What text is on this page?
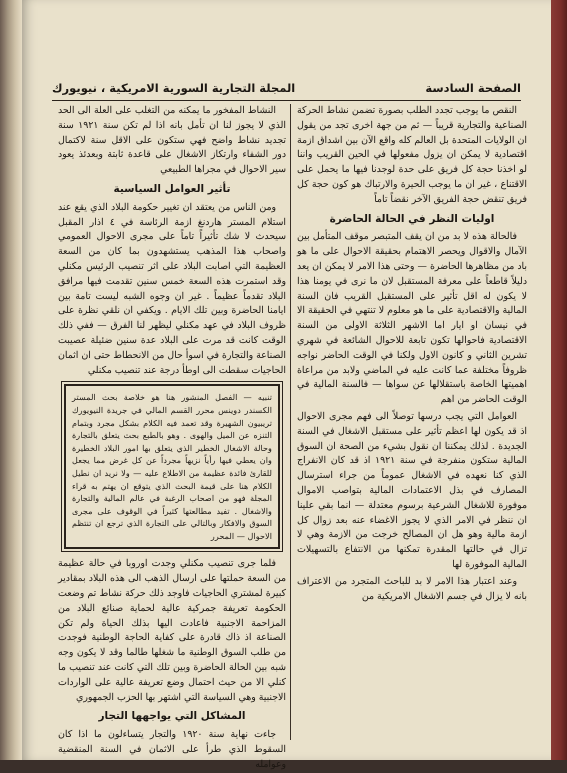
الصفحة السادسة
المجلة التجارية السورية الامريكية ، نيويورك

النقص ما يوجب تجدد الطلب بصورة تضمن نشاط الحركة الصناعية والتجارية قريباً — ثم من جهة اخرى تجد من يقول ان الولايات المتحدة بل العالم كله واقع الآن بين اشداق ازمة اقتصادية لا يمكن ان يزول مفعولها في الحين القريب واننا لو اخذنا حجة كل فريق على حدة لوجدنا فيها ما يحمل على الاقتناع ، غير ان ما يوجب الحيرة والارتباك هو كون حجة كل فريق تنقض حجة الفريق الآخر نقضاً تاماً

اوليات النظر في الحالة الحاضرة

فالحالة هذه لا بد من ان يقف المتبصر موقف المتأمل بين الآمال والاقوال ويحصر الاهتمام بحقيقة الاحوال على ما هو باد من مظاهرها الحاضرة — وحتى هذا الامر لا يمكن ان يعد دليلاً قاطعاً على معرفة المستقبل لان ما نرى في يومنا هذا لا يكون له اقل تأثير على المستقبل القريب فان السنة المالية والاقتصادية على ما هو معلوم لا تنتهي في الحقيقة الا في نيسان او ايار اما الاشهر الثلاثة الاولى من السنة الاقتصادية فاحوالها تكون تابعة للاحوال الشائعة في شهري تشرين الثاني و كانون الاول ولكنا في الوقت الحاضر نواجه ظروفاً مختلفة عما كانت عليه في الماضي ولابد من مراعاة اهميتها الخاصة باستقلالها عن سواها — فالسنة المالية في الوقت الحاضر من اهم

العوامل التي يجب درسها توصلاً الى فهم مجرى الاحوال اذ قد يكون لها اعظم تأثير على مستقبل الاشغال في السنة الجديدة . لذلك يمكننا ان نقول بشيء من الصحة ان السوق المالية ستكون منفرجة في سنة ١٩٢١ اذ قد كان الانفراج الذي كنا نعهده في الاشغال عموماً من جراء استرسال المصارف في بذل الاعتمادات المالية بتواصب الاموال موفورة للاشغال الشرعية برسوم معتدلة — انما بقي علينا ان ننظر في الامر الذي لا يجوز الاغضاء عنه بعد زوال كل ازمة مالية وهو هل ان المصالح خرجت من الازمة وهي لا تزال في حالتها المقدرة تمكنها من الانتفاع بالتسهيلات المالية الموفورة لها

وعند اعتبار هذا الامر لا بد للباحث المتجرد من الاعتراف بانه لا يزال في جسم الاشغال الامريكية من

النشاط المفخور ما يمكنه من التغلب على العلة الى الحد الذي لا يجوز لنا ان تأمل بانه اذا لم تكن سنة ١٩٢١ سنة تجديد نشاط واضح فهي ستكون على الاقل سنة لاكتمال دور الشفاء وارتكاز الاشغال على قاعدة ثابتة وبعدئذ يعود سير الاحوال في مجراها الطبيعي

تأثير العوامل السياسية

ومن الناس من يعتقد ان تغيير حكومة البلاد الذي يقع عند استلام المستر هاردنغ ازمة الرئاسة في ٤ اذار المقبل سيحدث لا شك تأثيراً تاماً على مجرى الاحوال العمومي واصحاب هذا المذهب يستشهدون بما كان من السعة العظيمة التي اصابت البلاد على اثر تنصيب الرئيس مكنلي وقد استمرت هذه السعة خمس سنين تقدمت فيها مرافق البلاد تقدماً عظيماً . غير ان وجوه الشبه ليست تامة بين ايامنا الحاضرة وبين تلك الايام . ويكفي ان نلقي نظرة على ظروف البلاد في عهد مكنلي ليظهر لنا الفرق — ففي ذلك الوقت كانت قد مرت على البلاد عدة سنين ضئيلة عصيبت الصناعة والتجارة في اسوأ حال من الانحطاط حتى ان اثمان الحاجيات سقطت الى اوطأ درجة عند تنصيب مكنلي

تنبيه — الفصل المنشور هنا هو خلاصة بحث المستر الكسندر دوينس محرر القسم المالي في جريدة النيويورك تريبيون الشهيرة وقد تعمد فيه الكلام بشكل مجرد وبتمام التنزه عن الميل والهوى . وهو بالطبع بحث يتعلق بالتجارة وحالة الاشغال الخطير الذي يتعلق بها امور البلاد الخطيرة وان يعطي فيها رأياً نزيهاً مجرداً عن كل غرض مما يجعل للقارئ فائدة عظيمة من الاطلاع عليه — ولا نريد ان نطيل الكلام هنا على قيمة البحث الذي يتوقع ان يهتم به قراء المجلة فهو من اصحاب الرغبة في عالم المالية والتجارة والاشغال . تفيد مطالعتها كثيراً في الوقوف على مجرى السوق والافكار وبالتالي على التجارة الذي ترجع ان تنتظم الاحوال — المحرر

فلما جرى تنصيب مكنلي وجدت اوروبا في حالة عظيمة من السعة حملتها على ارسال الذهب الى هذه البلاد بمقادير كبيرة لمشتري الحاجيات فاوجد ذلك حركة نشاط تم وضعت الحكومة تعريفة جمركية عالية لحماية صنائع البلاد من المزاحمة الاجنبية فاعادت اليها بذلك الحياة ولم تكن الصناعة اذ ذاك قادرة على كفاية الحاجة الوطنية فوجدت من طلب السوق الوطنية ما شغلها طالما وقد لا يكون وجه شبه بين الحالة الحاضرة وبين تلك التي كانت عند تنصيب ما كنلي الا من حيث احتمال وضع تعريفة عالية على الواردات الاجنبية وهي السياسة التي اشتهر بها الحزب الجمهوري

المشاكل التي يواجهها التجار

جاءت نهاية سنة ١٩٢٠ والتجار يتساءلون ما اذا كان السقوط الذي طرأ على الاثمان في السنة المنقضية وعوامله
